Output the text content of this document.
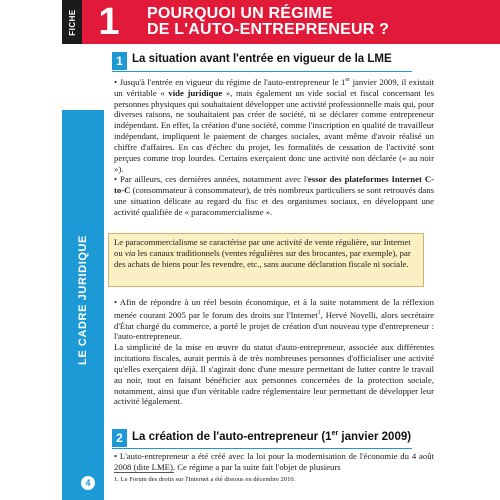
FICHE 1	POURQUOI UN RÉGIME
DE L'AUTO-ENTREPRENEUR ?
LE CADRE JURIDIQUE
4
1 La situation avant l'entrée en vigueur de la LME

• Jusqu'à l'entrée en vigueur du régime de l'auto-entrepreneur le 1er janvier 2009, il existait un véritable « vide juridique », mais également un vide social et fiscal concernant les personnes physiques qui souhaitaient développer une activité professionnelle mais qui, pour diverses raisons, ne souhaitaient pas créer de société, ni se déclarer comme entrepreneur indépendant. En effet, la création d'une société, comme l'inscription en qualité de travailleur indépendant, impliquent le paiement de charges sociales, avant même d'avoir réalisé un chiffre d'affaires. En cas d'échec du projet, les formalités de cessation de l'activité sont perçues comme trop lourdes. Certains exerçaient donc une activité non déclarée (« au noir »).

• Par ailleurs, ces dernières années, notamment avec l'essor des plateformes Internet C-to-C (consommateur à consommateur), de très nombreux particuliers se sont retrouvés dans une situation délicate au regard du fisc et des organismes sociaux, en développant une activité qualifiée de « paracommercialisme ».

Le paracommercialisme se caractérise par une activité de vente régulière, sur Internet ou via les canaux traditionnels (ventes régulières sur des brocantes, par exemple), par des achats de biens pour les revendre, etc., sans aucune déclaration fiscale ni sociale.

• Afin de répondre à un réel besoin économique, et à la suite notamment de la réflexion menée courant 2005 par le forum des droits sur l'Internet$^1$, Hervé Novelli, alors secrétaire d'État chargé du commerce, a porté le projet de création d'un nouveau type d'entrepreneur : l'auto-entrepreneur.

La simplicité de la mise en œuvre du statut d'auto-entrepreneur, associée aux différentes incitations fiscales, aurait permis à de très nombreuses personnes d'officialiser une activité qu'elles exerçaient déjà. Il s'agirait donc d'une mesure permettant de lutter contre le travail au noir, tout en faisant bénéficier aux personnes concernées de la protection sociale, notamment, ainsi que d'un véritable cadre réglementaire leur permettant de développer leur activité légalement.

2 La création de l'auto-entrepreneur (1er janvier 2009)

• L'auto-entrepreneur a été créé avec la loi pour la modernisation de l'économie du 4 août 2008 (dite LME). Ce régime a par la suite fait l'objet de plusieurs

1. Le Forum des droits sur l'Internet a été dissous en décembre 2010.
